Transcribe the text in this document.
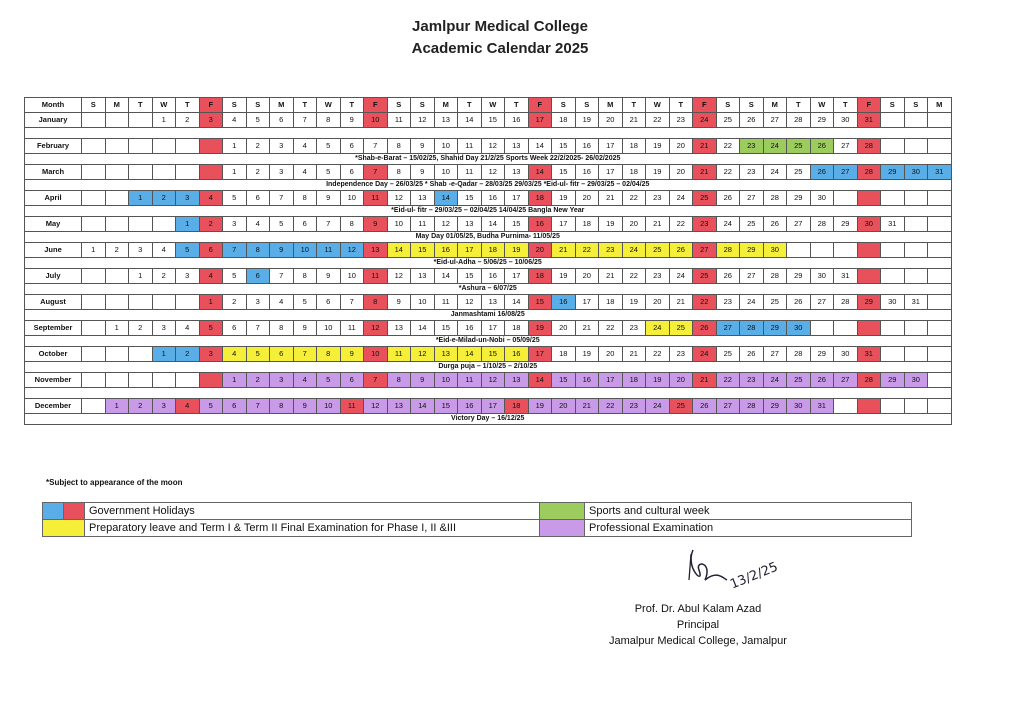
Jamlpur Medical College
Academic Calendar 2025
Month	S	M	T	W	T	F	S	S	M	T	W	T	F	S	S	M	T	W	T	F	S	S	M	T	W	T	F	S	S	M	T	W	T	F	S	S	M
January				1	2	3	4	5	6	7	8	9	10	11	12	13	14	15	16	17	18	19	20	21	22	23	24	25	26	27	28	29	30	31			

February							1	2	3	4	5	6	7	8	9	10	11	12	13	14	15	16	17	18	19	20	21	22	23	24	25	26	27	28			
*Shab-e-Barat – 15/02/25, Shahid Day 21/2/25 Sports Week 22/2/2025- 26/02/2025																																					
March							1	2	3	4	5	6	7	8	9	10	11	12	13	14	15	16	17	18	19	20	21	22	23	24	25	26	27	28	29	30	31
Independence Day – 26/03/25 * Shab -e-Qadar – 28/03/25 29/03/25 *Eid-ul- fitr – 29/03/25 – 02/04/25																																					
April			1	2	3	4	5	6	7	8	9	10	11	12	13	14	15	16	17	18	19	20	21	22	23	24	25	26	27	28	29	30					
*Eid-ul- fitr – 29/03/25 – 02/04/25 14/04/25 Bangla New Year																																					
May					1	2	3	4	5	6	7	8	9	10	11	12	13	14	15	16	17	18	19	20	21	22	23	24	25	26	27	28	29	30	31		
May Day 01/05/25, Budha Purnima- 11/05/25																																					
June	1	2	3	4	5	6	7	8	9	10	11	12	13	14	15	16	17	18	19	20	21	22	23	24	25	26	27	28	29	30							
*Eid-ul-Adha – 5/06/25 – 10/06/25																																					
July			1	2	3	4	5	6	7	8	9	10	11	12	13	14	15	16	17	18	19	20	21	22	23	24	25	26	27	28	29	30	31				
*Ashura – 6/07/25																																					
August						1	2	3	4	5	6	7	8	9	10	11	12	13	14	15	16	17	18	19	20	21	22	23	24	25	26	27	28	29	30	31	
Janmashtami 16/08/25																																					
September		1	2	3	4	5	6	7	8	9	10	11	12	13	14	15	16	17	18	19	20	21	22	23	24	25	26	27	28	29	30						
*Eid-e-Milad-un-Nobi – 05/09/25																																					
October				1	2	3	4	5	6	7	8	9	10	11	12	13	14	15	16	17	18	19	20	21	22	23	24	25	26	27	28	29	30	31			
Durga puja – 1/10/25 – 2/10/25																																					
November							1	2	3	4	5	6	7	8	9	10	11	12	13	14	15	16	17	18	19	20	21	22	23	24	25	26	27	28	29	30	

December		1	2	3	4	5	6	7	8	9	10	11	12	13	14	15	16	17	18	19	20	21	22	23	24	25	26	27	28	29	30	31					
Victory Day – 16/12/25																																					
*Subject to appearance of the moon
		Government Holidays		Sports and cultural week
		Preparatory leave and Term I & Term II Final Examination for Phase I, II &III		Professional Examination
13/2/25
Prof. Dr. Abul Kalam Azad
Principal
Jamalpur Medical College, Jamalpur
